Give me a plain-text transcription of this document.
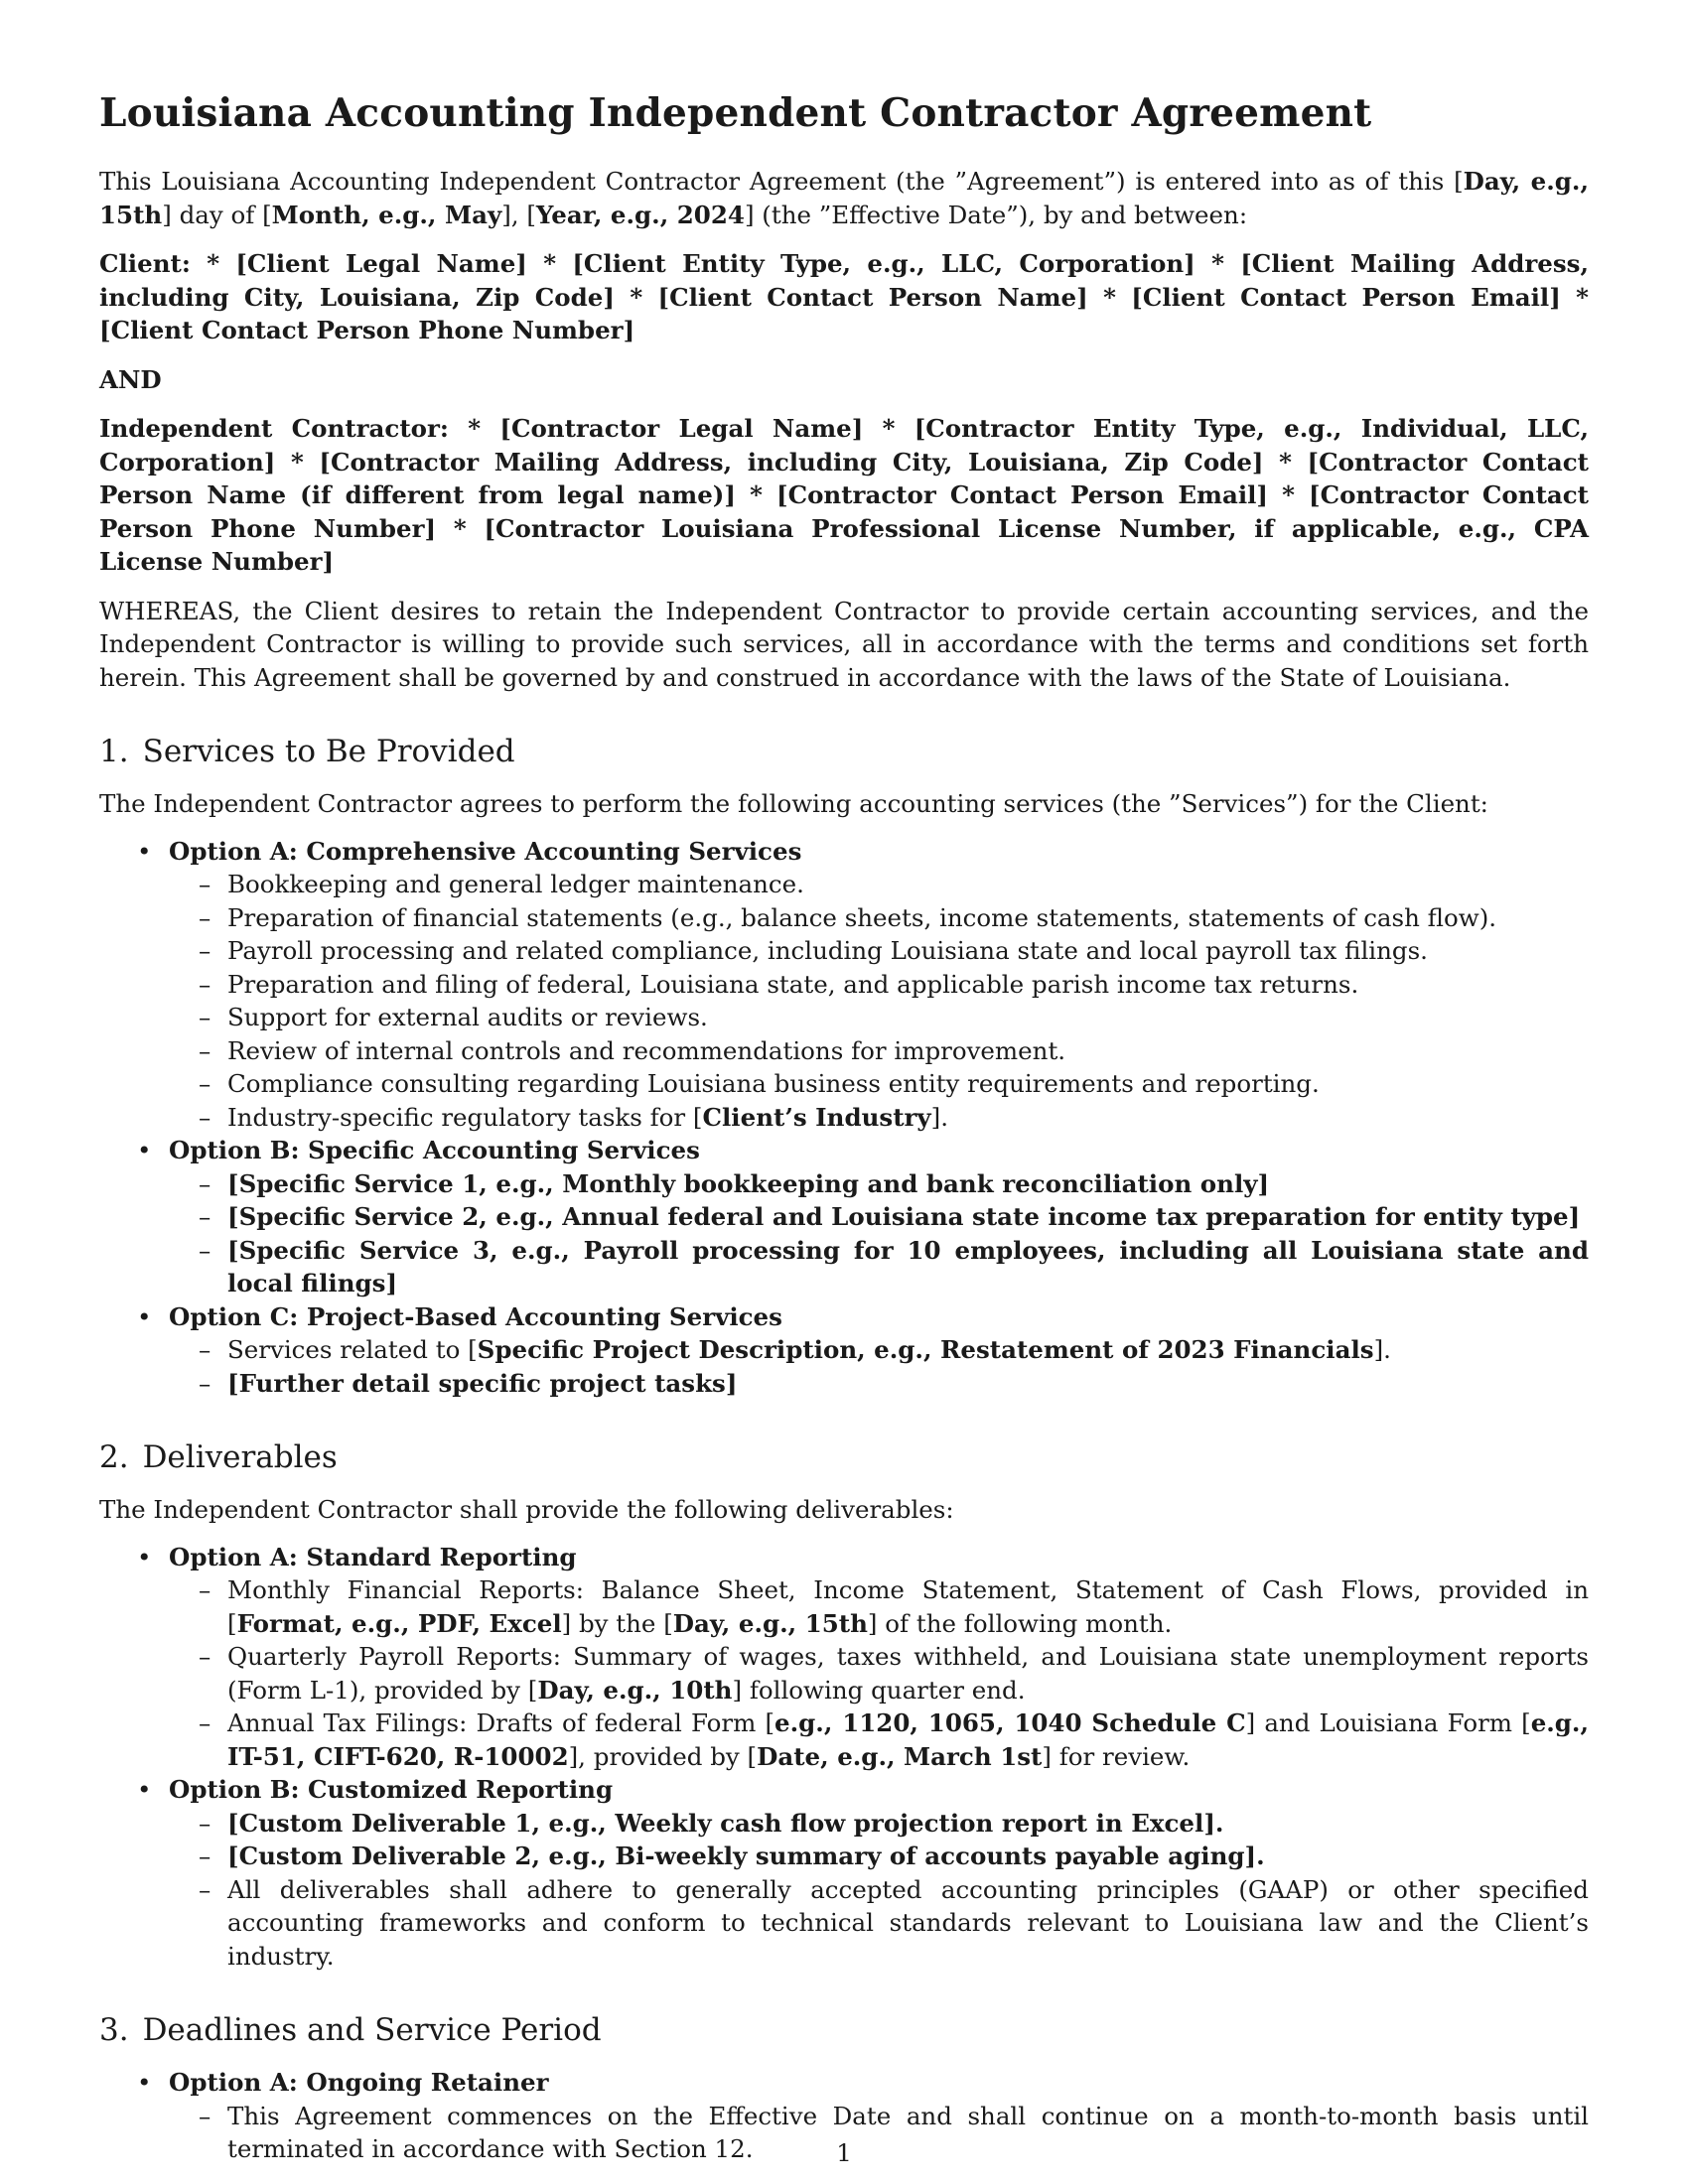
Louisiana Accounting Independent Contractor Agreement

This Louisiana Accounting Independent Contractor Agreement (the ”Agreement”) is entered into as of this [Day, e.g., 15th] day of [Month, e.g., May], [Year, e.g., 2024] (the ”Effective Date”), by and between:

Client: * [Client Legal Name] * [Client Entity Type, e.g., LLC, Corporation] * [Client Mailing Address, including City, Louisiana, Zip Code] * [Client Contact Person Name] * [Client Contact Person Email] * [Client Contact Person Phone Number]

AND

Independent Contractor: * [Contractor Legal Name] * [Contractor Entity Type, e.g., Individual, LLC, Corporation] * [Contractor Mailing Address, including City, Louisiana, Zip Code] * [Contractor Contact Person Name (if different from legal name)] * [Contractor Contact Person Email] * [Contractor Contact Person Phone Number] * [Contractor Louisiana Professional License Number, if applicable, e.g., CPA License Number]

WHEREAS, the Client desires to retain the Independent Contractor to provide certain accounting services, and the Independent Contractor is willing to provide such services, all in accordance with the terms and conditions set forth herein. This Agreement shall be governed by and construed in accordance with the laws of the State of Louisiana.

1. Services to Be Provided

The Independent Contractor agrees to perform the following accounting services (the ”Services”) for the Client:

• Option A: Comprehensive Accounting Services
– Bookkeeping and general ledger maintenance.
– Preparation of financial statements (e.g., balance sheets, income statements, statements of cash flow).
– Payroll processing and related compliance, including Louisiana state and local payroll tax filings.
– Preparation and filing of federal, Louisiana state, and applicable parish income tax returns.
– Support for external audits or reviews.
– Review of internal controls and recommendations for improvement.
– Compliance consulting regarding Louisiana business entity requirements and reporting.
– Industry-specific regulatory tasks for [Client’s Industry].
• Option B: Specific Accounting Services
– [Specific Service 1, e.g., Monthly bookkeeping and bank reconciliation only]
– [Specific Service 2, e.g., Annual federal and Louisiana state income tax preparation for entity type]
– [Specific Service 3, e.g., Payroll processing for 10 employees, including all Louisiana state and local filings]
• Option C: Project-Based Accounting Services
– Services related to [Specific Project Description, e.g., Restatement of 2023 Financials].
– [Further detail specific project tasks]
2. Deliverables

The Independent Contractor shall provide the following deliverables:

• Option A: Standard Reporting
– Monthly Financial Reports: Balance Sheet, Income Statement, Statement of Cash Flows, provided in [Format, e.g., PDF, Excel] by the [Day, e.g., 15th] of the following month.
– Quarterly Payroll Reports: Summary of wages, taxes withheld, and Louisiana state unemployment reports (Form L-1), provided by [Day, e.g., 10th] following quarter end.
– Annual Tax Filings: Drafts of federal Form [e.g., 1120, 1065, 1040 Schedule C] and Louisiana Form [e.g., IT-51, CIFT-620, R-10002], provided by [Date, e.g., March 1st] for review.
• Option B: Customized Reporting
– [Custom Deliverable 1, e.g., Weekly cash flow projection report in Excel].
– [Custom Deliverable 2, e.g., Bi-weekly summary of accounts payable aging].
– All deliverables shall adhere to generally accepted accounting principles (GAAP) or other specified accounting frameworks and conform to technical standards relevant to Louisiana law and the Client’s industry.
3. Deadlines and Service Period
• Option A: Ongoing Retainer
– This Agreement commences on the Effective Date and shall continue on a month-to-month basis until terminated in accordance with Section 12.	1
